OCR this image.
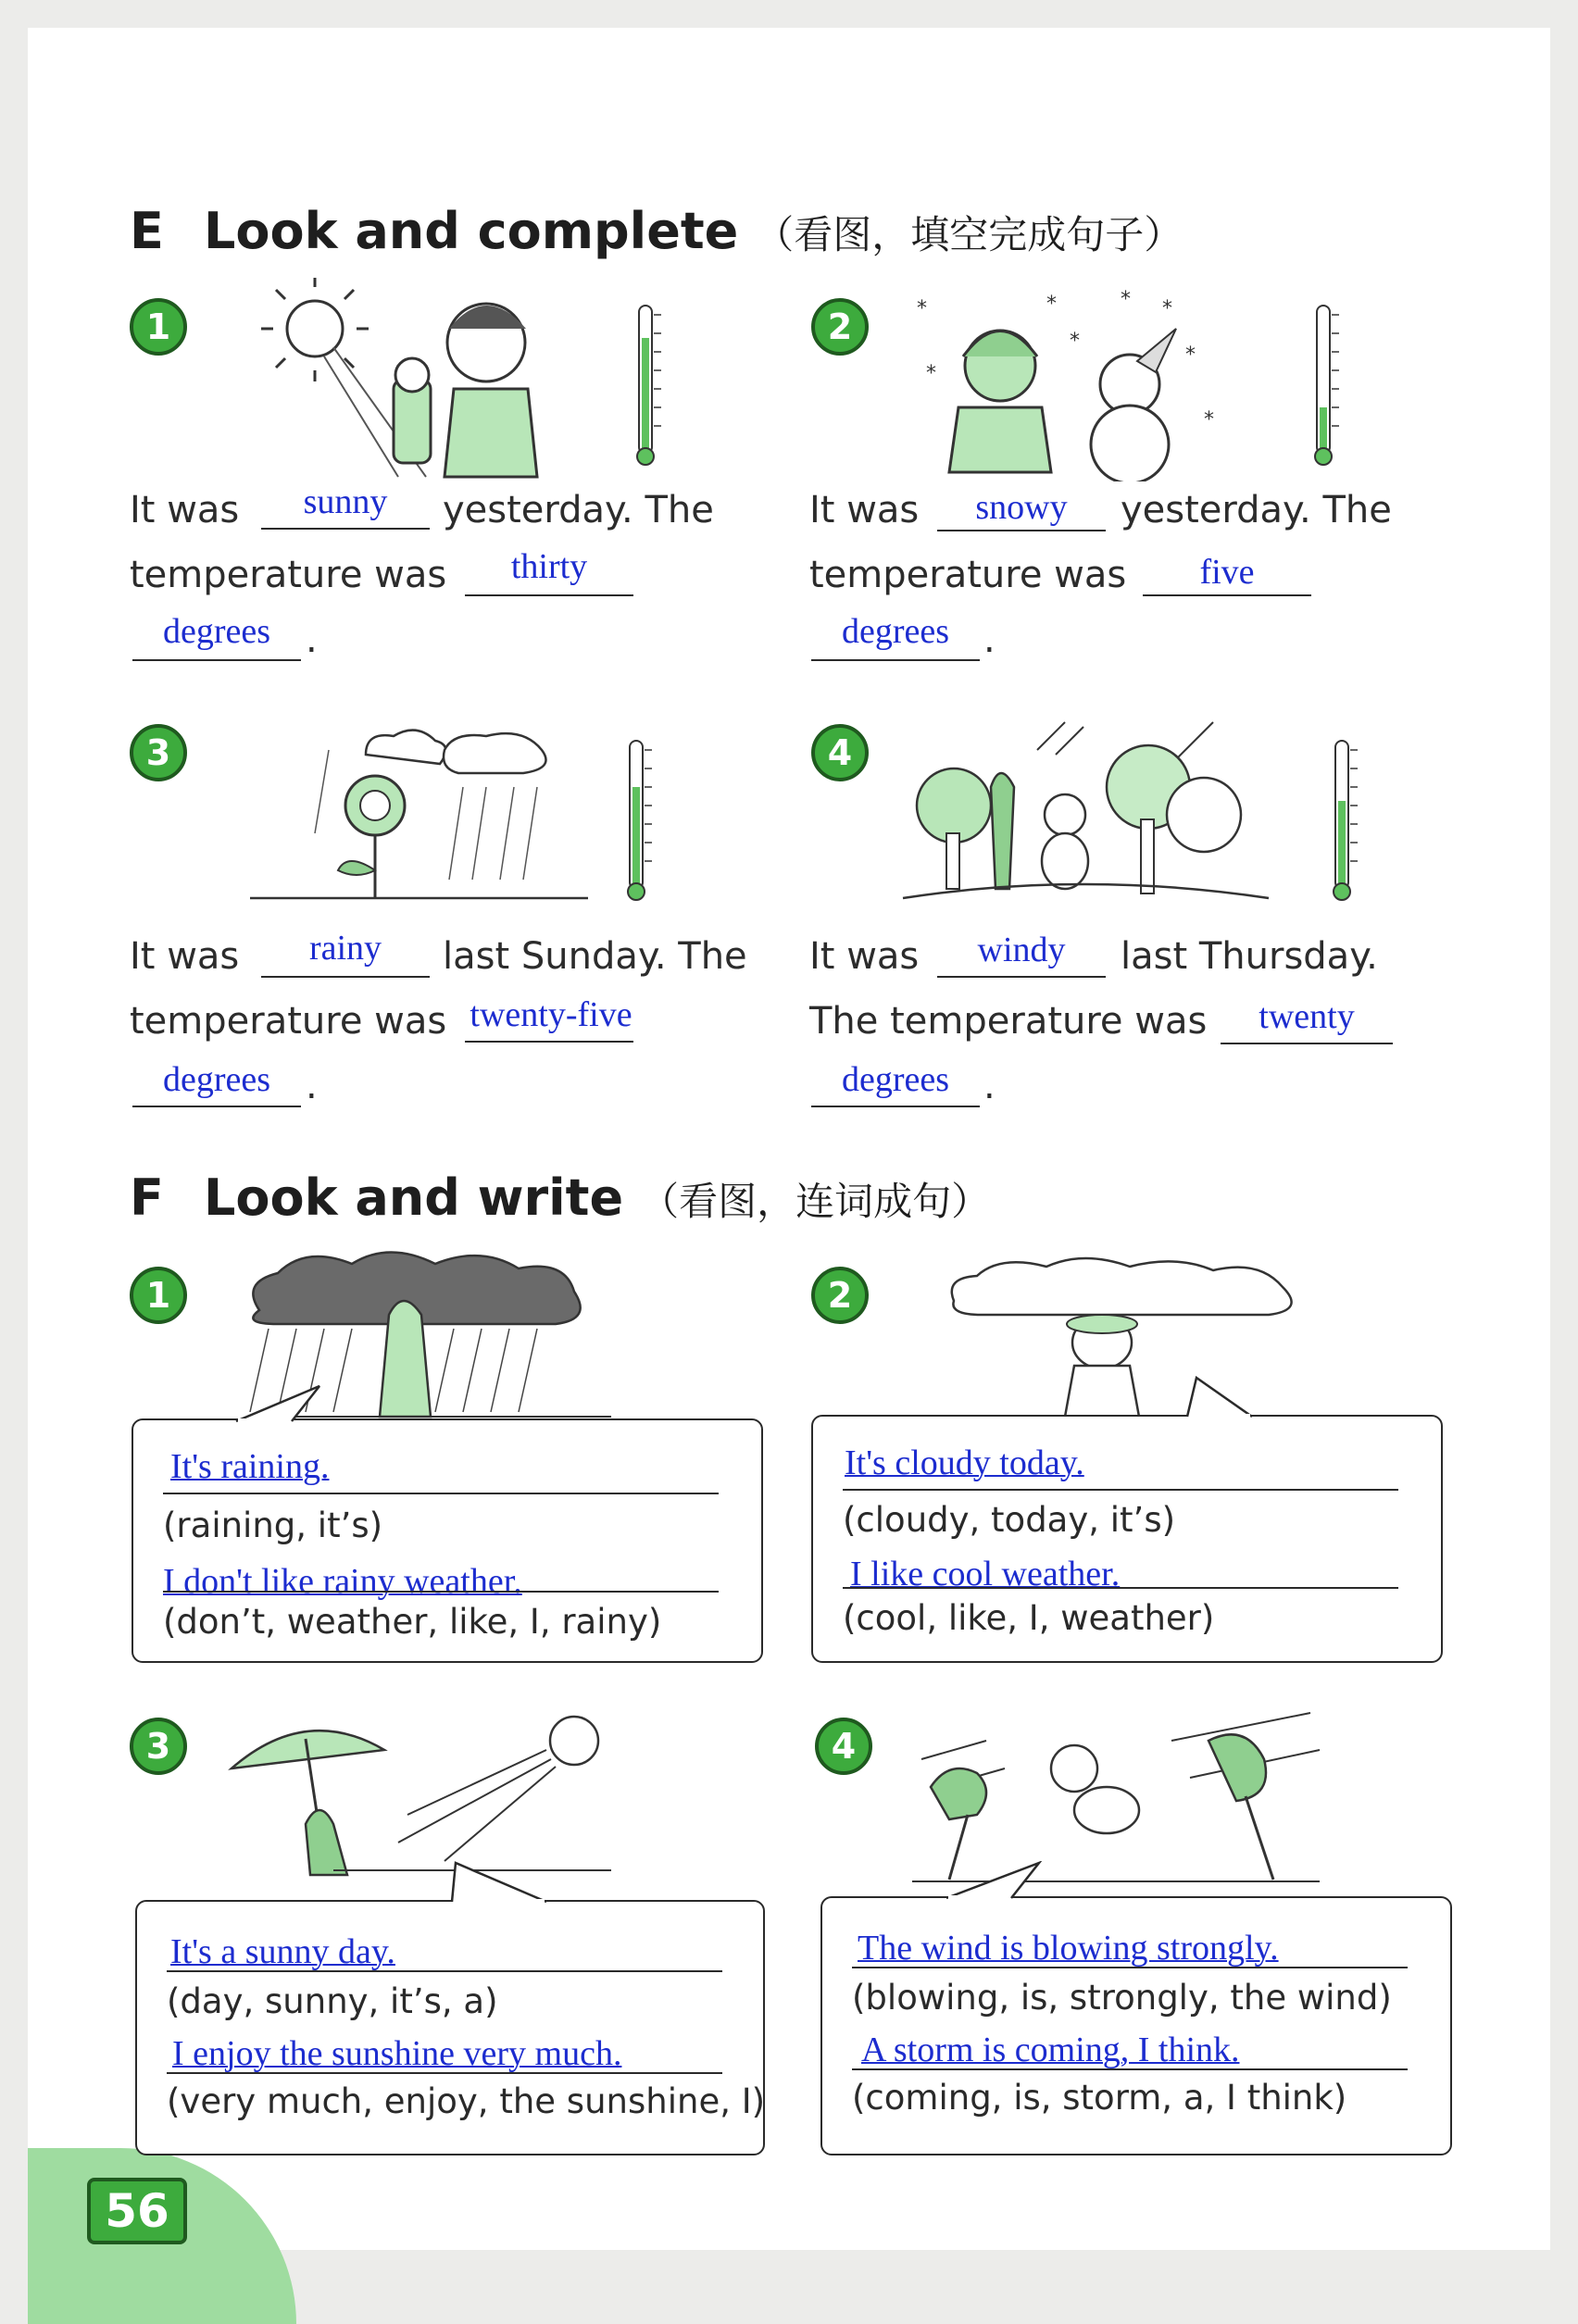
E Look and complete （看图，填空完成句子）
1
It was	sunny	yesterday. The
temperature was	thirty
degrees .
2	*	*
*
* *
*
*
*
It was	snowy	yesterday. The
temperature was	five
degrees .
3
It was	rainy	last Sunday. The
temperature was twenty-five
degrees .
4
It was	windy	last Thursday.
The temperature was	twenty
degrees .
F Look and write （看图，连词成句）
1
It's raining.
(raining, it’s)
I don't like rainy weather.
(don’t, weather, like, I, rainy)
2
It's cloudy today.
(cloudy, today, it’s)
I like cool weather.
(cool, like, I, weather)
3
It's a sunny day.
(day, sunny, it’s, a)
I enjoy the sunshine very much.
(very much, enjoy, the sunshine, I)
4
The wind is blowing strongly.
(blowing, is, strongly, the wind)
A storm is coming, I think.
(coming, is, storm, a, I think)
56
